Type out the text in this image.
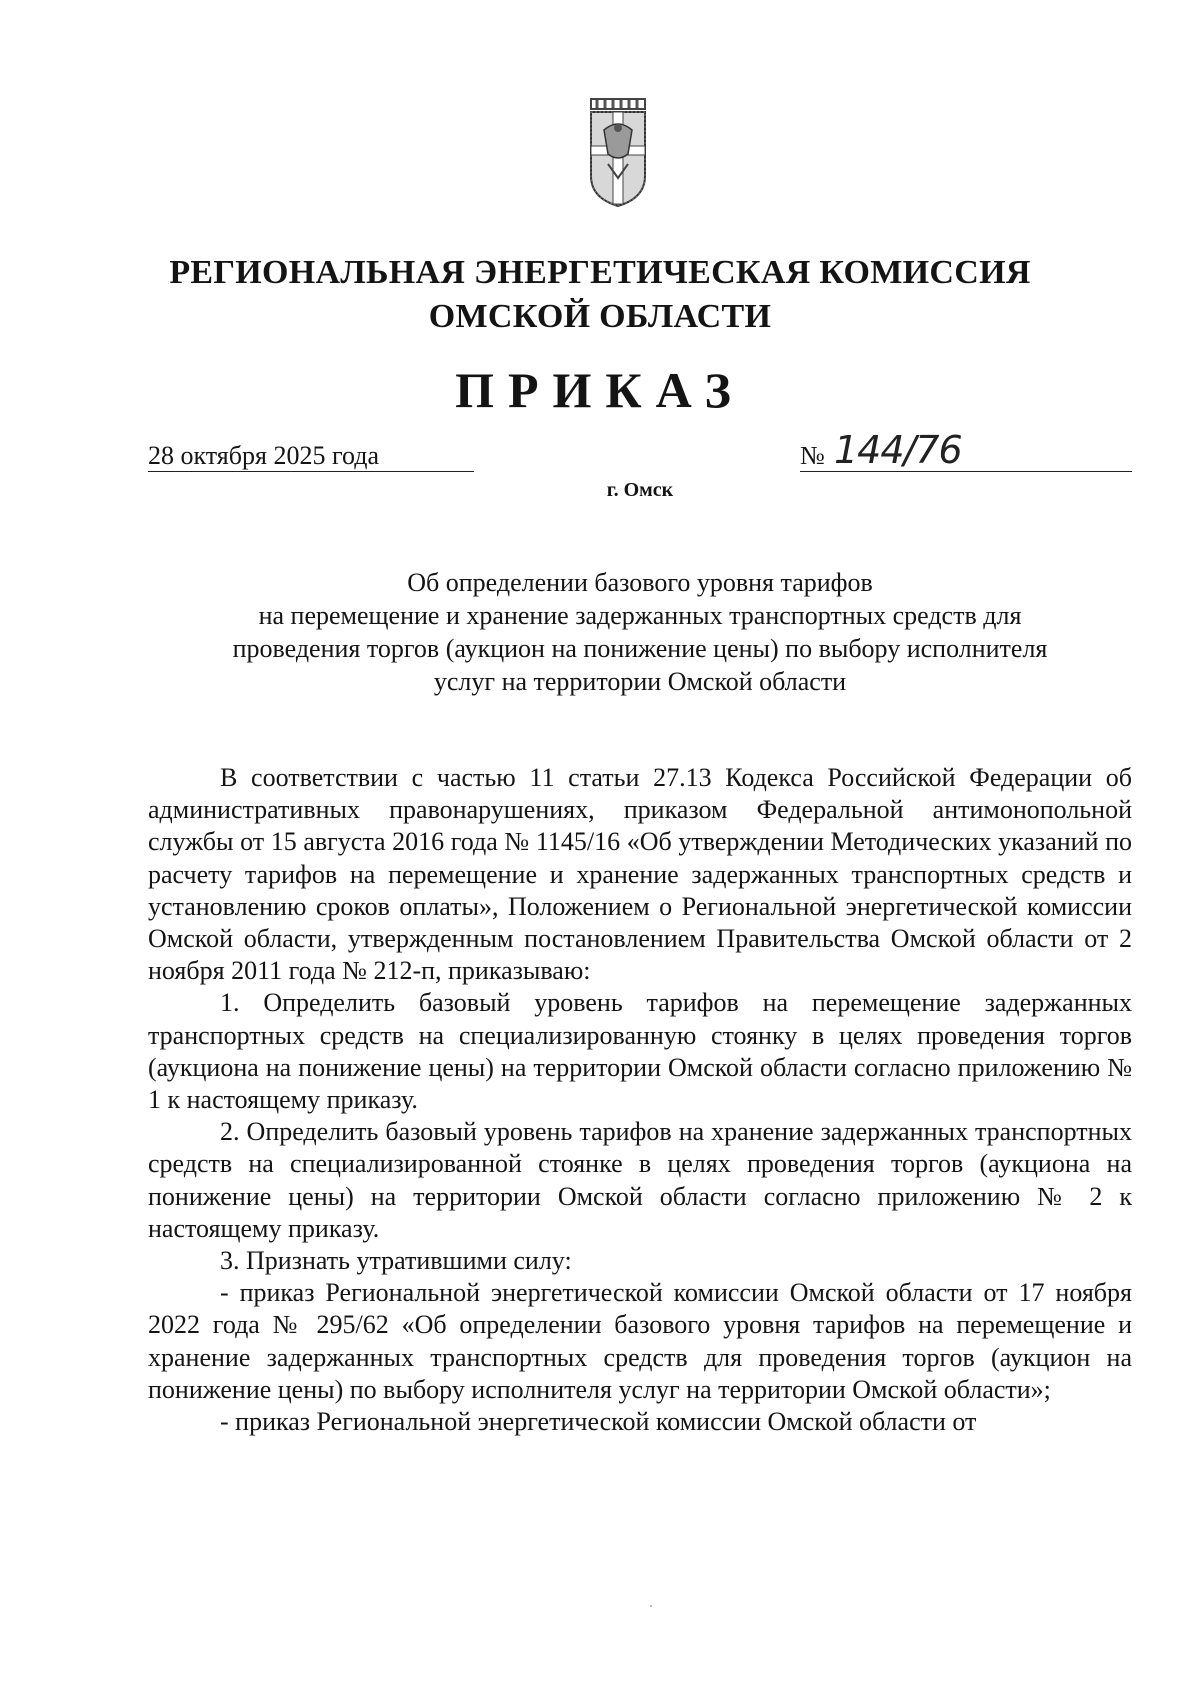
РЕГИОНАЛЬНАЯ ЭНЕРГЕТИЧЕСКАЯ КОМИССИЯ
ОМСКОЙ ОБЛАСТИ
ПРИКАЗ
28 октября 2025 года	№ 144/76
г. Омск
Об определении базового уровня тарифов
на перемещение и хранение задержанных транспортных средств для
проведения торгов (аукцион на понижение цены) по выбору исполнителя
услуг на территории Омской области

В соответствии с частью 11 статьи 27.13 Кодекса Российской Федерации об административных правонарушениях, приказом Федеральной антимонопольной службы от 15 августа 2016 года № 1145/16 «Об утверждении Методических указаний по расчету тарифов на перемещение и хранение задержанных транспортных средств и установлению сроков оплаты», Положением о Региональной энергетической комиссии Омской области, утвержденным постановлением Правительства Омской области от 2 ноября 2011 года № 212-п, приказываю:

1. Определить базовый уровень тарифов на перемещение задержанных транспортных средств на специализированную стоянку в целях проведения торгов (аукциона на понижение цены) на территории Омской области согласно приложению № 1 к настоящему приказу.

2. Определить базовый уровень тарифов на хранение задержанных транспортных средств на специализированной стоянке в целях проведения торгов (аукциона на понижение цены) на территории Омской области согласно приложению № 2 к настоящему приказу.

3. Признать утратившими силу:

- приказ Региональной энергетической комиссии Омской области от 17 ноября 2022 года № 295/62 «Об определении базового уровня тарифов на перемещение и хранение задержанных транспортных средств для проведения торгов (аукцион на понижение цены) по выбору исполнителя услуг на территории Омской области»;

- приказ Региональной энергетической комиссии Омской области от
